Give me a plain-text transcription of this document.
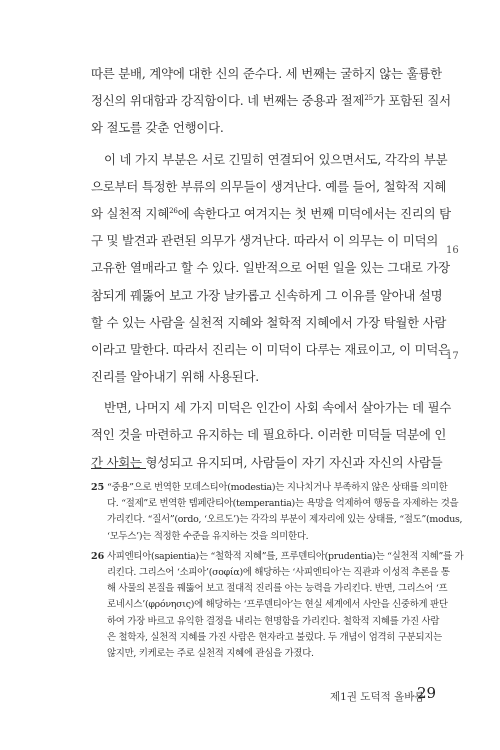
따른 분배, 계약에 대한 신의 준수다. 세 번째는 굴하지 않는 훌륭한
정신의 위대함과 강직함이다. 네 번째는 중용과 절제$^{25}$가 포함된 질서
와 절도를 갖춘 언행이다.
이 네 가지 부분은 서로 긴밀히 연결되어 있으면서도, 각각의 부분
으로부터 특정한 부류의 의무들이 생겨난다. 예를 들어, 철학적 지혜
와 실천적 지혜$^{26}$에 속한다고 여겨지는 첫 번째 미덕에서는 진리의 탐
구 및 발견과 관련된 의무가 생겨난다. 따라서 이 의무는 이 미덕의
고유한 열매라고 할 수 있다. 일반적으로 어떤 일을 있는 그대로 가장
참되게 꿰뚫어 보고 가장 날카롭고 신속하게 그 이유를 알아내 설명
할 수 있는 사람을 실천적 지혜와 철학적 지혜에서 가장 탁월한 사람
이라고 말한다. 따라서 진리는 이 미덕이 다루는 재료이고, 이 미덕은
진리를 알아내기 위해 사용된다.
반면, 나머지 세 가지 미덕은 인간이 사회 속에서 살아가는 데 필수
적인 것을 마련하고 유지하는 데 필요하다. 이러한 미덕들 덕분에 인
간 사회는 형성되고 유지되며, 사람들이 자기 자신과 자신의 사람들
16
17
25 “중용”으로 번역한 모데스티아(modestia)는 지나치거나 부족하지 않은 상태를 의미한
다. “절제”로 번역한 템페란티아(temperantia)는 욕망을 억제하여 행동을 자제하는 것을
가리킨다. “질서”(ordo, ‘오르도’)는 각각의 부분이 제자리에 있는 상태를, “절도”(modus,
‘모두스’)는 적정한 수준을 유지하는 것을 의미한다.
26 사피엔티아(sapientia)는 “철학적 지혜”를, 프루덴티아(prudentia)는 “실천적 지혜”를 가
리킨다. 그리스어 ‘소피아’(σοφία)에 해당하는 ‘사피엔티아’는 직관과 이성적 추론을 통
해 사물의 본질을 꿰뚫어 보고 절대적 진리를 아는 능력을 가리킨다. 반면, 그리스어 ‘프
로네시스’(φρόνησις)에 해당하는 ‘프루덴티아’는 현실 세계에서 사안을 신중하게 판단
하여 가장 바르고 유익한 결정을 내리는 현명함을 가리킨다. 철학적 지혜를 가진 사람
은 철학자, 실천적 지혜를 가진 사람은 현자라고 불렀다. 두 개념이 엄격히 구분되지는
않지만, 키케로는 주로 실천적 지혜에 관심을 가졌다.
제1권 도덕적 올바름
29
